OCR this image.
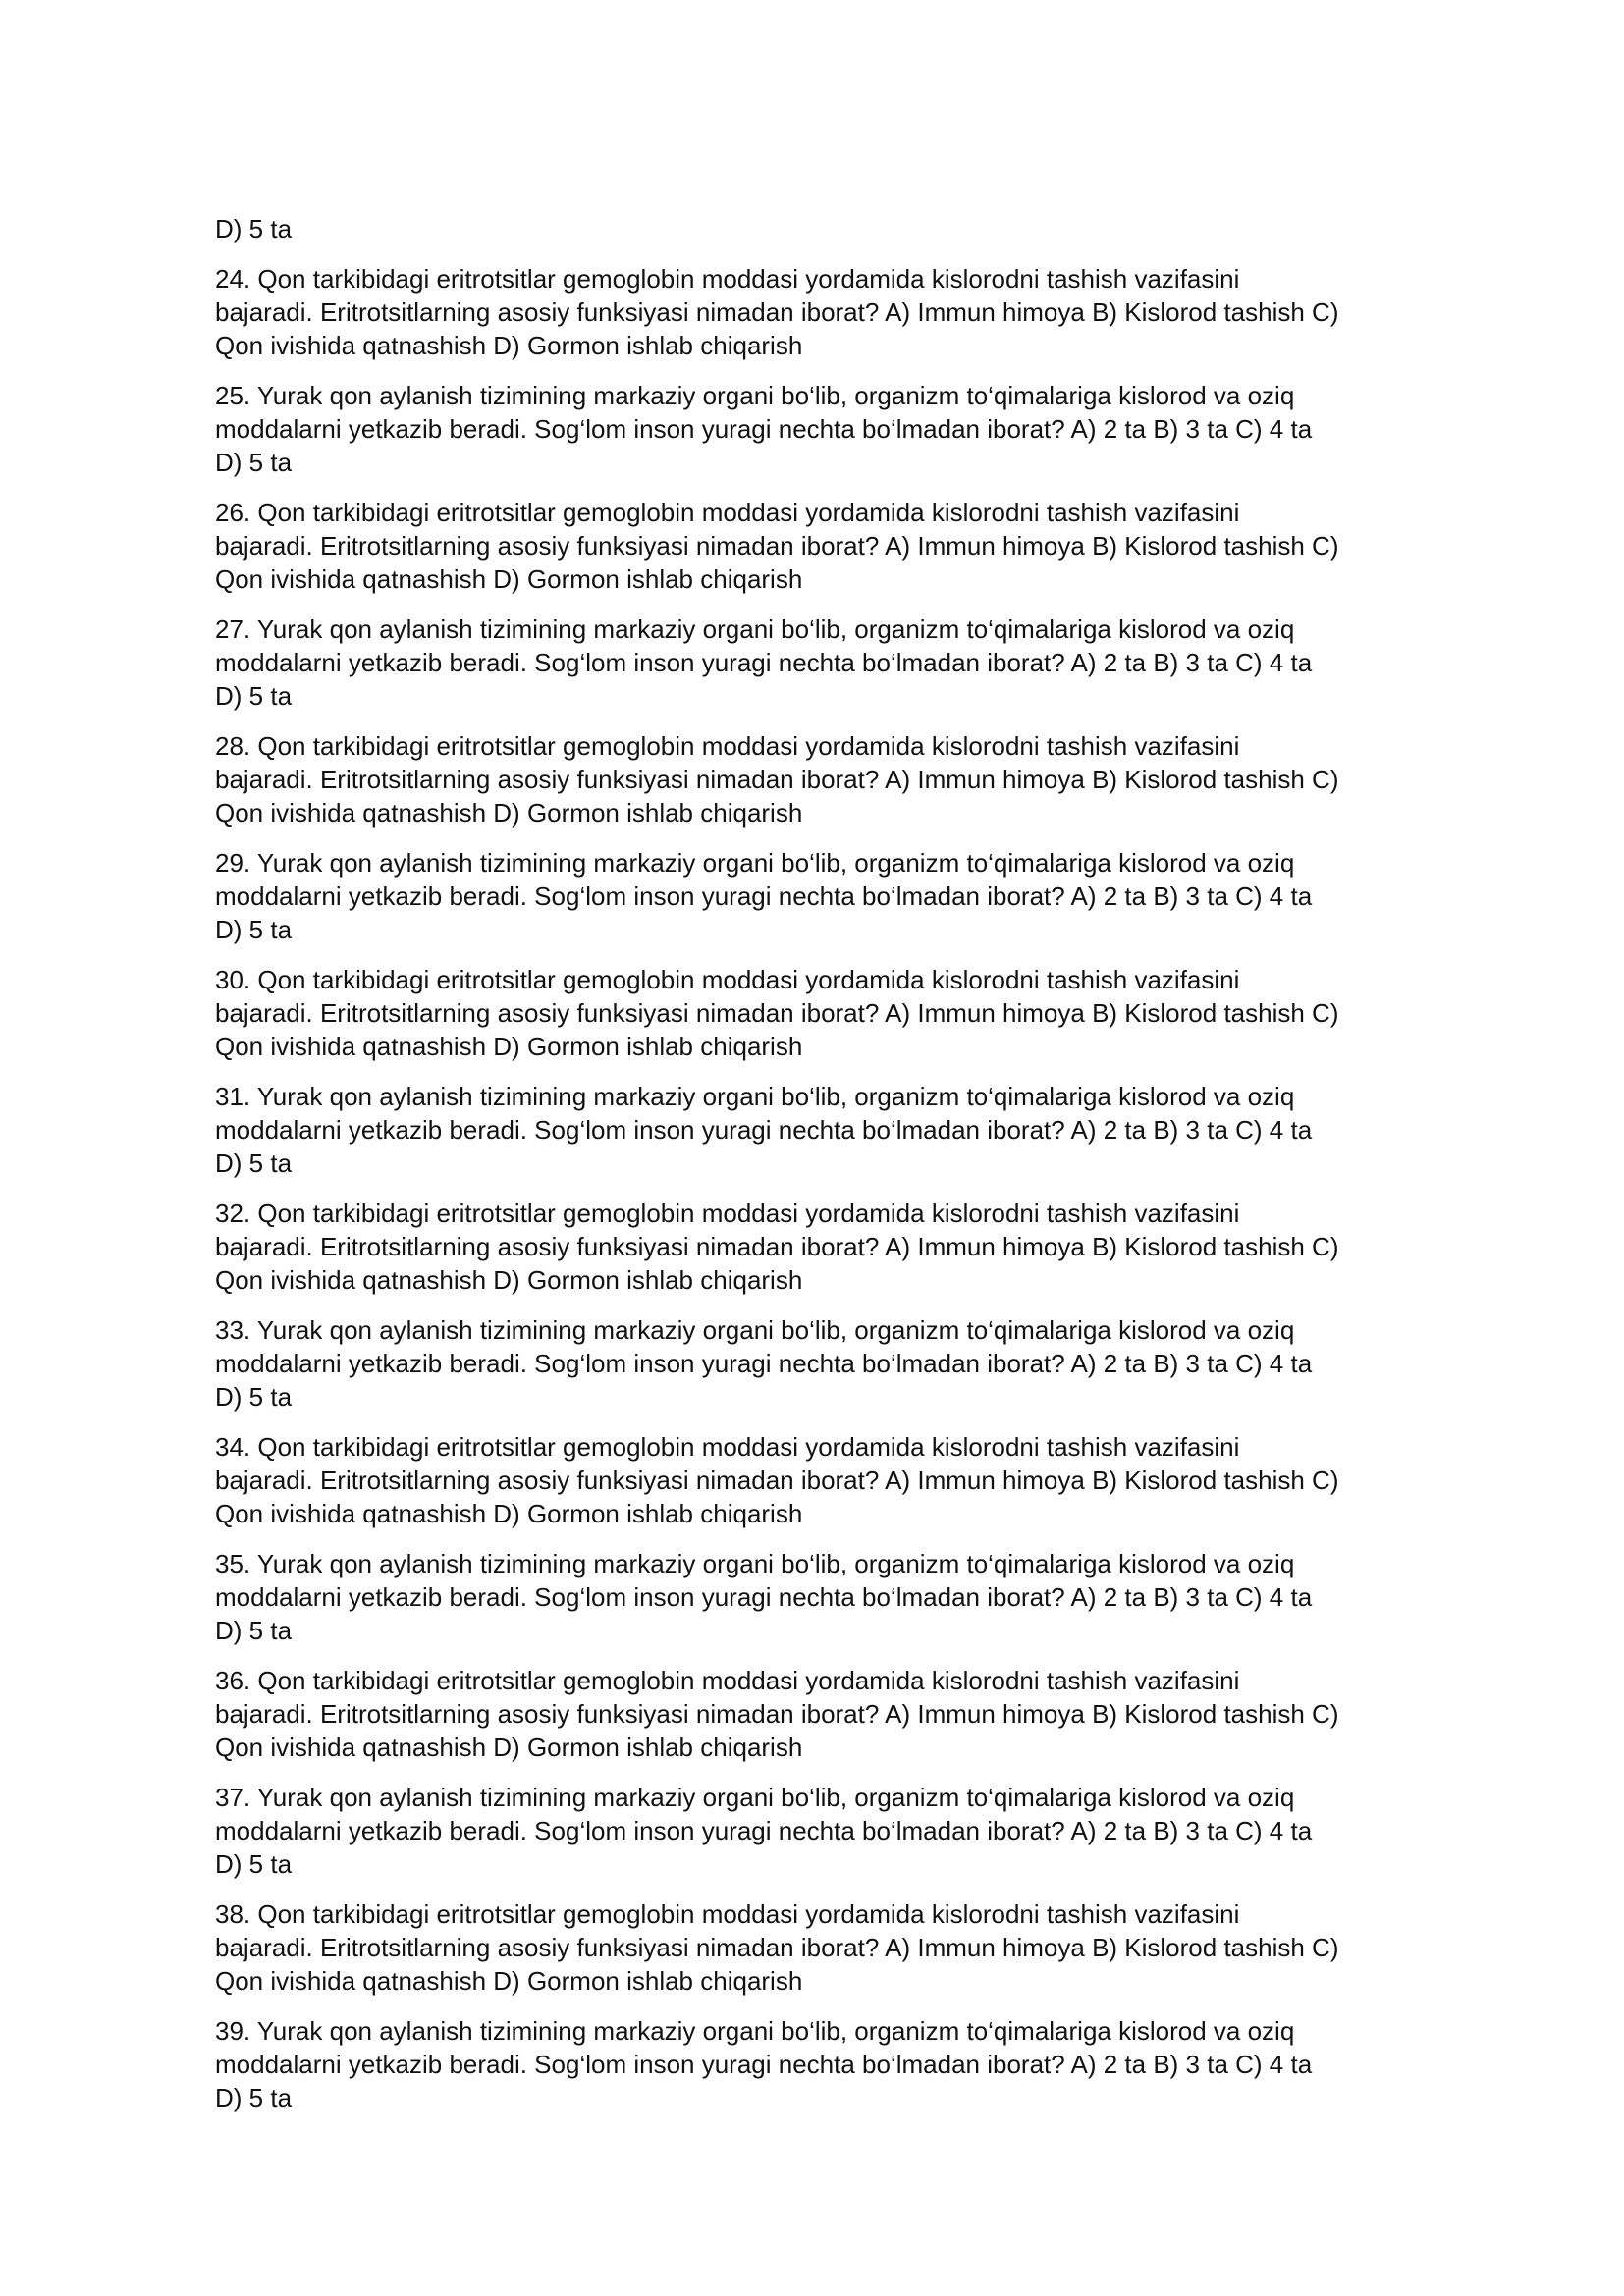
D) 5 ta

24. Qon tarkibidagi eritrotsitlar gemoglobin moddasi yordamida kislorodni tashish vazifasini
bajaradi. Eritrotsitlarning asosiy funksiyasi nimadan iborat? A) Immun himoya B) Kislorod tashish C)
Qon ivishida qatnashish D) Gormon ishlab chiqarish

25. Yurak qon aylanish tizimining markaziy organi bo‘lib, organizm to‘qimalariga kislorod va oziq
moddalarni yetkazib beradi. Sog‘lom inson yuragi nechta bo‘lmadan iborat? A) 2 ta B) 3 ta C) 4 ta
D) 5 ta

26. Qon tarkibidagi eritrotsitlar gemoglobin moddasi yordamida kislorodni tashish vazifasini
bajaradi. Eritrotsitlarning asosiy funksiyasi nimadan iborat? A) Immun himoya B) Kislorod tashish C)
Qon ivishida qatnashish D) Gormon ishlab chiqarish

27. Yurak qon aylanish tizimining markaziy organi bo‘lib, organizm to‘qimalariga kislorod va oziq
moddalarni yetkazib beradi. Sog‘lom inson yuragi nechta bo‘lmadan iborat? A) 2 ta B) 3 ta C) 4 ta
D) 5 ta

28. Qon tarkibidagi eritrotsitlar gemoglobin moddasi yordamida kislorodni tashish vazifasini
bajaradi. Eritrotsitlarning asosiy funksiyasi nimadan iborat? A) Immun himoya B) Kislorod tashish C)
Qon ivishida qatnashish D) Gormon ishlab chiqarish

29. Yurak qon aylanish tizimining markaziy organi bo‘lib, organizm to‘qimalariga kislorod va oziq
moddalarni yetkazib beradi. Sog‘lom inson yuragi nechta bo‘lmadan iborat? A) 2 ta B) 3 ta C) 4 ta
D) 5 ta

30. Qon tarkibidagi eritrotsitlar gemoglobin moddasi yordamida kislorodni tashish vazifasini
bajaradi. Eritrotsitlarning asosiy funksiyasi nimadan iborat? A) Immun himoya B) Kislorod tashish C)
Qon ivishida qatnashish D) Gormon ishlab chiqarish

31. Yurak qon aylanish tizimining markaziy organi bo‘lib, organizm to‘qimalariga kislorod va oziq
moddalarni yetkazib beradi. Sog‘lom inson yuragi nechta bo‘lmadan iborat? A) 2 ta B) 3 ta C) 4 ta
D) 5 ta

32. Qon tarkibidagi eritrotsitlar gemoglobin moddasi yordamida kislorodni tashish vazifasini
bajaradi. Eritrotsitlarning asosiy funksiyasi nimadan iborat? A) Immun himoya B) Kislorod tashish C)
Qon ivishida qatnashish D) Gormon ishlab chiqarish

33. Yurak qon aylanish tizimining markaziy organi bo‘lib, organizm to‘qimalariga kislorod va oziq
moddalarni yetkazib beradi. Sog‘lom inson yuragi nechta bo‘lmadan iborat? A) 2 ta B) 3 ta C) 4 ta
D) 5 ta

34. Qon tarkibidagi eritrotsitlar gemoglobin moddasi yordamida kislorodni tashish vazifasini
bajaradi. Eritrotsitlarning asosiy funksiyasi nimadan iborat? A) Immun himoya B) Kislorod tashish C)
Qon ivishida qatnashish D) Gormon ishlab chiqarish

35. Yurak qon aylanish tizimining markaziy organi bo‘lib, organizm to‘qimalariga kislorod va oziq
moddalarni yetkazib beradi. Sog‘lom inson yuragi nechta bo‘lmadan iborat? A) 2 ta B) 3 ta C) 4 ta
D) 5 ta

36. Qon tarkibidagi eritrotsitlar gemoglobin moddasi yordamida kislorodni tashish vazifasini
bajaradi. Eritrotsitlarning asosiy funksiyasi nimadan iborat? A) Immun himoya B) Kislorod tashish C)
Qon ivishida qatnashish D) Gormon ishlab chiqarish

37. Yurak qon aylanish tizimining markaziy organi bo‘lib, organizm to‘qimalariga kislorod va oziq
moddalarni yetkazib beradi. Sog‘lom inson yuragi nechta bo‘lmadan iborat? A) 2 ta B) 3 ta C) 4 ta
D) 5 ta

38. Qon tarkibidagi eritrotsitlar gemoglobin moddasi yordamida kislorodni tashish vazifasini
bajaradi. Eritrotsitlarning asosiy funksiyasi nimadan iborat? A) Immun himoya B) Kislorod tashish C)
Qon ivishida qatnashish D) Gormon ishlab chiqarish

39. Yurak qon aylanish tizimining markaziy organi bo‘lib, organizm to‘qimalariga kislorod va oziq
moddalarni yetkazib beradi. Sog‘lom inson yuragi nechta bo‘lmadan iborat? A) 2 ta B) 3 ta C) 4 ta
D) 5 ta
